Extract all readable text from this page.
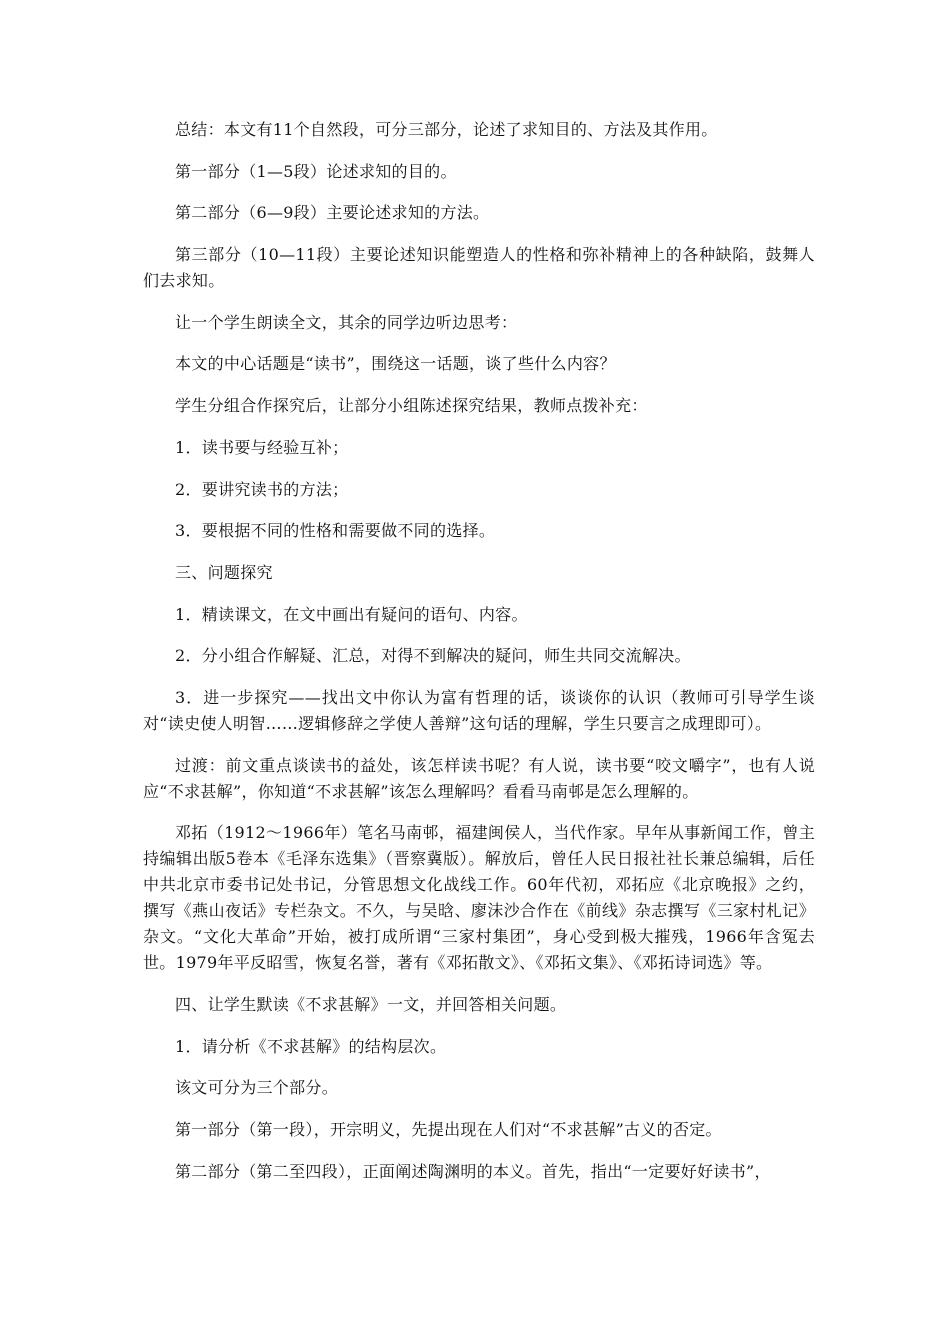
总结：本文有11个自然段，可分三部分，论述了求知目的、方法及其作用。

第一部分（1—5段）论述求知的目的。

第二部分（6—9段）主要论述求知的方法。

第三部分（10—11段）主要论述知识能塑造人的性格和弥补精神上的各种缺陷，鼓舞人们去求知。

让一个学生朗读全文，其余的同学边听边思考：

本文的中心话题是“读书”，围绕这一话题，谈了些什么内容？

学生分组合作探究后，让部分小组陈述探究结果，教师点拨补充：

1．读书要与经验互补；

2．要讲究读书的方法；

3．要根据不同的性格和需要做不同的选择。

三、问题探究

1．精读课文，在文中画出有疑问的语句、内容。

2．分小组合作解疑、汇总，对得不到解决的疑问，师生共同交流解决。

3．进一步探究——找出文中你认为富有哲理的话，谈谈你的认识（教师可引导学生谈对“读史使人明智……逻辑修辞之学使人善辩”这句话的理解，学生只要言之成理即可）。

过渡：前文重点谈读书的益处，该怎样读书呢？有人说，读书要“咬文嚼字”，也有人说应“不求甚解”，你知道“不求甚解”该怎么理解吗？看看马南邨是怎么理解的。

邓拓（1912～1966年）笔名马南邨，福建闽侯人，当代作家。早年从事新闻工作，曾主持编辑出版5卷本《毛泽东选集》（晋察冀版）。解放后，曾任人民日报社社长兼总编辑，后任中共北京市委书记处书记，分管思想文化战线工作。60年代初，邓拓应《北京晚报》之约，撰写《燕山夜话》专栏杂文。不久，与吴晗、廖沫沙合作在《前线》杂志撰写《三家村札记》杂文。“文化大革命”开始，被打成所谓“三家村集团”，身心受到极大摧残，1966年含冤去世。1979年平反昭雪，恢复名誉，著有《邓拓散文》、《邓拓文集》、《邓拓诗词选》等。

四、让学生默读《不求甚解》一文，并回答相关问题。

1．请分析《不求甚解》的结构层次。

该文可分为三个部分。

第一部分（第一段），开宗明义，先提出现在人们对“不求甚解”古义的否定。

第二部分（第二至四段），正面阐述陶渊明的本义。首先，指出“一定要好好读书”，
